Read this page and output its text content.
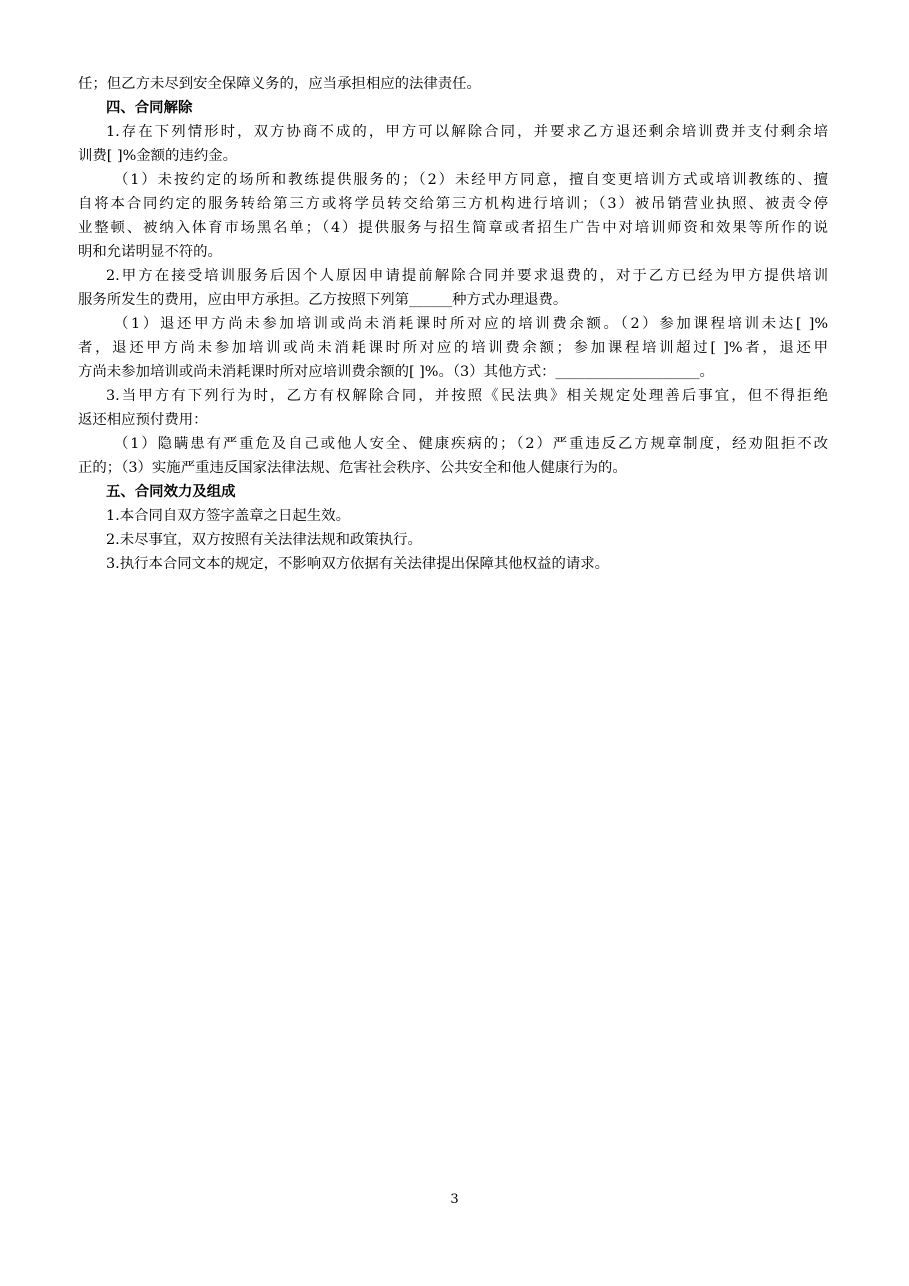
任；但乙方未尽到安全保障义务的，应当承担相应的法律责任。
四、合同解除
1.存在下列情形时，双方协商不成的，甲方可以解除合同，并要求乙方退还剩余培训费并支付剩余培
训费[ ]%金额的违约金。
（1）未按约定的场所和教练提供服务的；（2）未经甲方同意，擅自变更培训方式或培训教练的、擅
自将本合同约定的服务转给第三方或将学员转交给第三方机构进行培训；（3）被吊销营业执照、被责令停
业整顿、被纳入体育市场黑名单；（4）提供服务与招生简章或者招生广告中对培训师资和效果等所作的说
明和允诺明显不符的。
2.甲方在接受培训服务后因个人原因申请提前解除合同并要求退费的，对于乙方已经为甲方提供培训
服务所发生的费用，应由甲方承担。乙方按照下列第______种方式办理退费。
（1）退还甲方尚未参加培训或尚未消耗课时所对应的培训费余额。（2）参加课程培训未达[ ]%
者，退还甲方尚未参加培训或尚未消耗课时所对应的培训费余额；参加课程培训超过[ ]%者，退还甲
方尚未参加培训或尚未消耗课时所对应培训费余额的[ ]%。（3）其他方式：____________________。
3.当甲方有下列行为时，乙方有权解除合同，并按照《民法典》相关规定处理善后事宜，但不得拒绝
返还相应预付费用：
（1）隐瞒患有严重危及自己或他人安全、健康疾病的；（2）严重违反乙方规章制度，经劝阻拒不改
正的；（3）实施严重违反国家法律法规、危害社会秩序、公共安全和他人健康行为的。
五、合同效力及组成
1.本合同自双方签字盖章之日起生效。
2.未尽事宜，双方按照有关法律法规和政策执行。
3.执行本合同文本的规定，不影响双方依据有关法律提出保障其他权益的请求。
3
